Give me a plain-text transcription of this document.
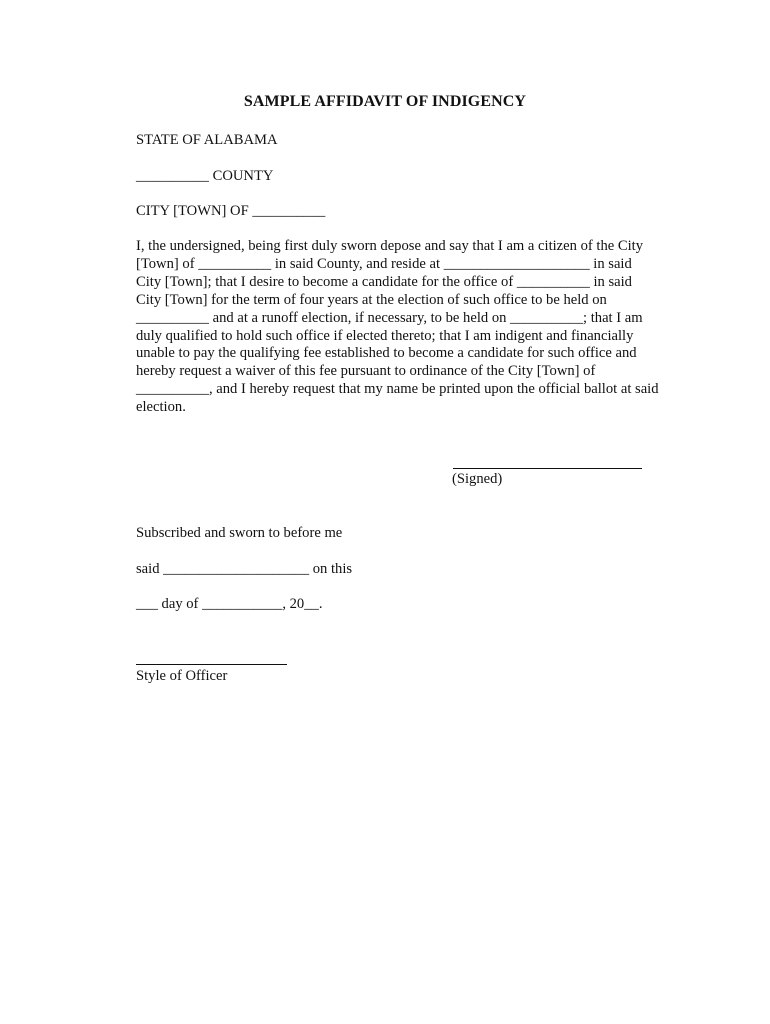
SAMPLE AFFIDAVIT OF INDIGENCY
STATE OF ALABAMA
__________ COUNTY
CITY [TOWN] OF __________
I, the undersigned, being first duly sworn depose and say that I am a citizen of the City
[Town] of __________ in said County, and reside at ____________________ in said
City [Town]; that I desire to become a candidate for the office of __________ in said
City [Town] for the term of four years at the election of such office to be held on
__________ and at a runoff election, if necessary, to be held on __________; that I am
duly qualified to hold such office if elected thereto; that I am indigent and financially
unable to pay the qualifying fee established to become a candidate for such office and
hereby request a waiver of this fee pursuant to ordinance of the City [Town] of
__________, and I hereby request that my name be printed upon the official ballot at said
election.
(Signed)
Subscribed and sworn to before me
said ____________________ on this
___ day of ___________, 20__.
Style of Officer
